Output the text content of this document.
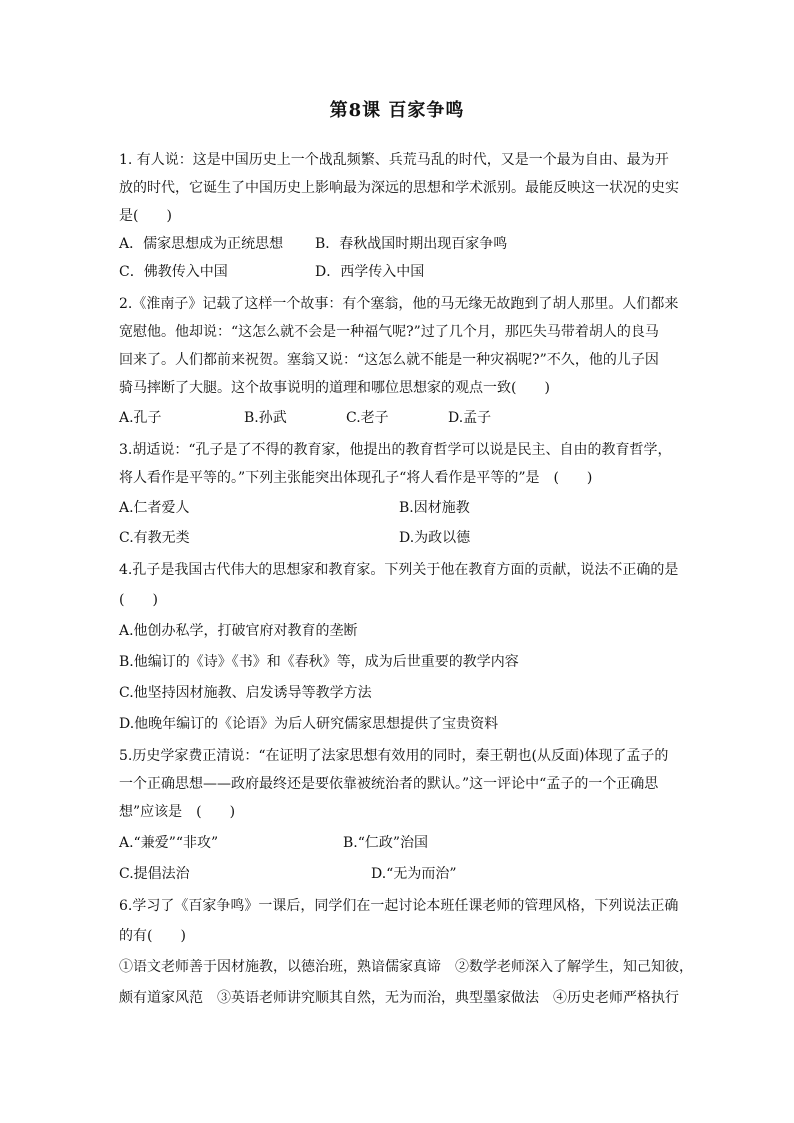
第8课 百家争鸣
1. 有人说：这是中国历史上一个战乱频繁、兵荒马乱的时代，又是一个最为自由、最为开
放的时代，它诞生了中国历史上影响最为深远的思想和学术派别。最能反映这一状况的史实
是(　　)
A．儒家思想成为正统思想	B．春秋战国时期出现百家争鸣
C．佛教传入中国	D．西学传入中国
2.《淮南子》记载了这样一个故事：有个塞翁，他的马无缘无故跑到了胡人那里。人们都来
宽慰他。他却说：“这怎么就不会是一种福气呢?”过了几个月，那匹失马带着胡人的良马
回来了。人们都前来祝贺。塞翁又说：“这怎么就不能是一种灾祸呢?”不久，他的儿子因
骑马摔断了大腿。这个故事说明的道理和哪位思想家的观点一致(　　)
A.孔子	B.孙武	C.老子	D.孟子
3.胡适说：“孔子是了不得的教育家，他提出的教育哲学可以说是民主、自由的教育哲学，
将人看作是平等的。”下列主张能突出体现孔子“将人看作是平等的”是　(　　)
A.仁者爱人	B.因材施教
C.有教无类	D.为政以德
4.孔子是我国古代伟大的思想家和教育家。下列关于他在教育方面的贡献，说法不正确的是
(　　)
A.他创办私学，打破官府对教育的垄断
B.他编订的《诗》《书》和《春秋》等，成为后世重要的教学内容
C.他坚持因材施教、启发诱导等教学方法
D.他晚年编订的《论语》为后人研究儒家思想提供了宝贵资料
5.历史学家费正清说：“在证明了法家思想有效用的同时，秦王朝也(从反面)体现了孟子的
一个正确思想——政府最终还是要依靠被统治者的默认。”这一评论中“孟子的一个正确思
想”应该是　(　　)
A.“兼爱”“非攻”	B.“仁政”治国
C.提倡法治	D.“无为而治”
6.学习了《百家争鸣》一课后，同学们在一起讨论本班任课老师的管理风格，下列说法正确
的有(　　)
①语文老师善于因材施教，以德治班，熟谙儒家真谛　②数学老师深入了解学生，知己知彼，
颇有道家风范　③英语老师讲究顺其自然，无为而治，典型墨家做法　④历史老师严格执行
